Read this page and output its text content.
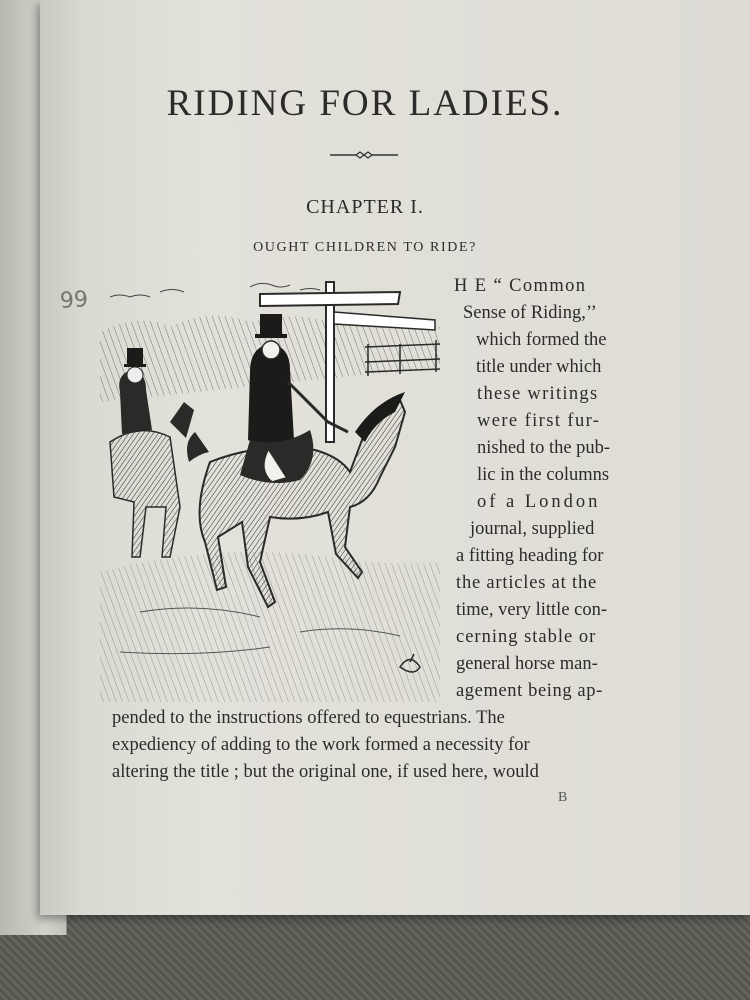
RIDING FOR LADIES.
CHAPTER I.
OUGHT CHILDREN TO RIDE?
99
H E “ Common
Sense of Riding,’’
which formed the
title under which
these writings
were first fur-
nished to the pub-
lic in the columns
of a London
journal, supplied
a fitting heading for
the articles at the
time, very little con-
cerning stable or
general horse man-
agement being ap-
pended to the instructions offered to equestrians. The
expediency of adding to the work formed a necessity for
altering the title ; but the original one, if used here, would
B
